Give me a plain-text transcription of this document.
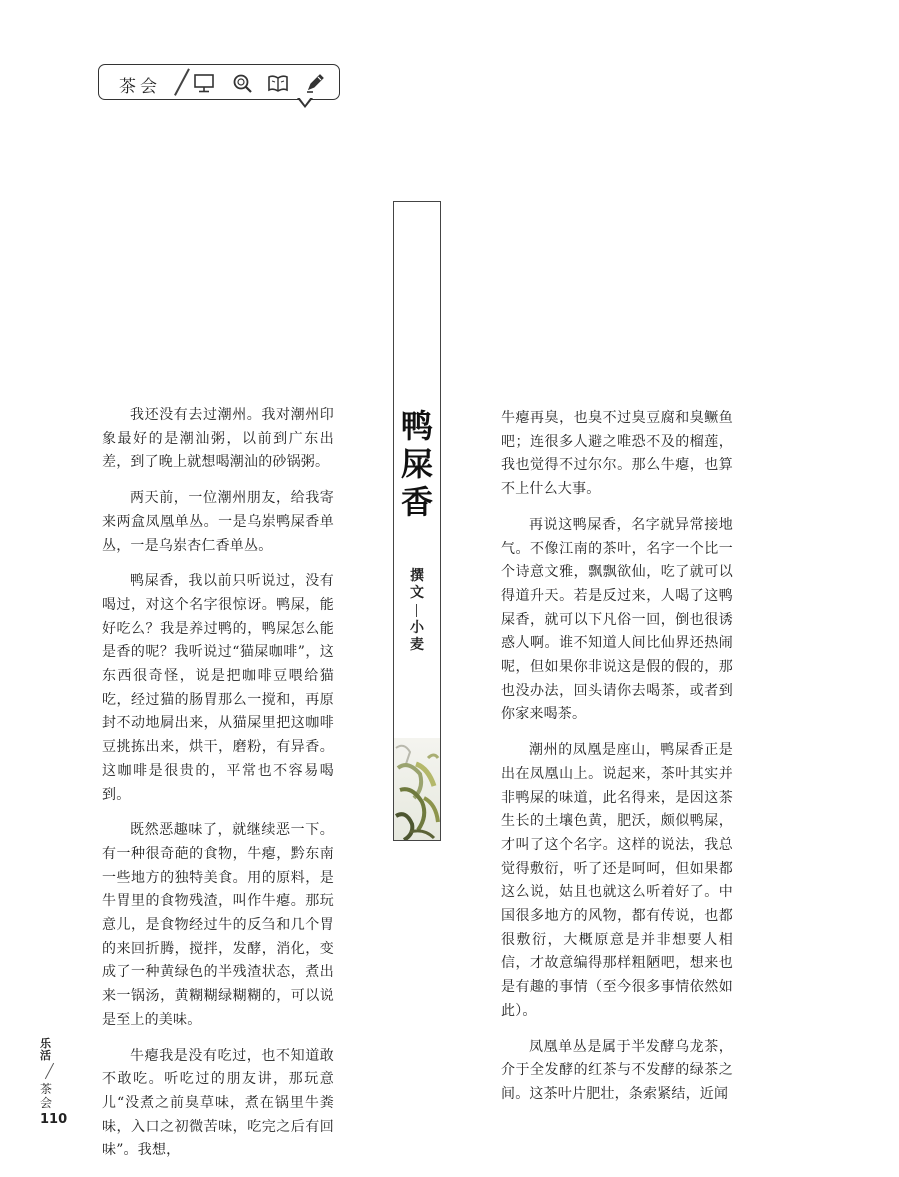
茶会
鸭屎香
撰文
小麦

我还没有去过潮州。我对潮州印象最好的是潮汕粥，以前到广东出差，到了晚上就想喝潮汕的砂锅粥。

两天前，一位潮州朋友，给我寄来两盒凤凰单丛。一是乌岽鸭屎香单丛，一是乌岽杏仁香单丛。

鸭屎香，我以前只听说过，没有喝过，对这个名字很惊讶。鸭屎，能好吃么？我是养过鸭的，鸭屎怎么能是香的呢？我听说过“猫屎咖啡”，这东西很奇怪，说是把咖啡豆喂给猫吃，经过猫的肠胃那么一搅和，再原封不动地屙出来，从猫屎里把这咖啡豆挑拣出来，烘干，磨粉，有异香。这咖啡是很贵的，平常也不容易喝到。

既然恶趣味了，就继续恶一下。有一种很奇葩的食物，牛瘪，黔东南一些地方的独特美食。用的原料，是牛胃里的食物残渣，叫作牛瘪。那玩意儿，是食物经过牛的反刍和几个胃的来回折腾，搅拌，发酵，消化，变成了一种黄绿色的半残渣状态，煮出来一锅汤，黄糊糊绿糊糊的，可以说是至上的美味。

牛瘪我是没有吃过，也不知道敢不敢吃。听吃过的朋友讲，那玩意儿“没煮之前臭草味，煮在锅里牛粪味，入口之初微苦味，吃完之后有回味”。我想，

牛瘪再臭，也臭不过臭豆腐和臭鳜鱼吧；连很多人避之唯恐不及的榴莲，我也觉得不过尔尔。那么牛瘪，也算不上什么大事。

再说这鸭屎香，名字就异常接地气。不像江南的茶叶，名字一个比一个诗意文雅，飘飘欲仙，吃了就可以得道升天。若是反过来，人喝了这鸭屎香，就可以下凡俗一回，倒也很诱惑人啊。谁不知道人间比仙界还热闹呢，但如果你非说这是假的假的，那也没办法，回头请你去喝茶，或者到你家来喝茶。

潮州的凤凰是座山，鸭屎香正是出在凤凰山上。说起来，茶叶其实并非鸭屎的味道，此名得来，是因这茶生长的土壤色黄，肥沃，颇似鸭屎，才叫了这个名字。这样的说法，我总觉得敷衍，听了还是呵呵，但如果都这么说，姑且也就这么听着好了。中国很多地方的风物，都有传说，也都很敷衍，大概原意是并非想要人相信，才故意编得那样粗陋吧，想来也是有趣的事情（至今很多事情依然如此）。

凤凰单丛是属于半发酵乌龙茶，介于全发酵的红茶与不发酵的绿茶之间。这茶叶片肥壮，条索紧结，近闻

乐活
茶会
110
